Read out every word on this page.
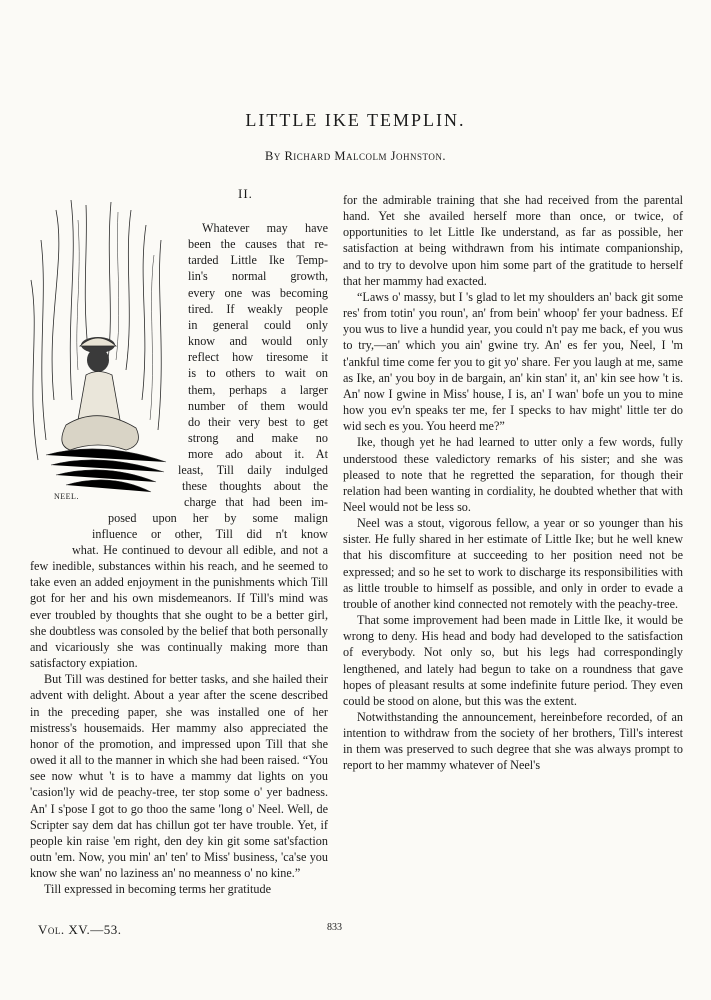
LITTLE IKE TEMPLIN.
By Richard Malcolm Johnston.
II.
NEEL.
Whatever may have
been the causes that re-
tarded Little Ike Temp-
lin's normal growth,
every one was becoming
tired. If weakly people
in general could only
know and would only
reflect how tiresome it
is to others to wait on
them, perhaps a larger
number of them would
do their very best to get
strong and make no
more ado about it. At
least, Till daily indulged
these thoughts about the
charge that had been im-
posed upon her by some malign
influence or other, Till did n't know

what. He continued to devour all edible, and not a few inedible, substances within his reach, and he seemed to take even an added enjoyment in the punishments which Till got for her and his own misdemeanors. If Till's mind was ever troubled by thoughts that she ought to be a better girl, she doubtless was consoled by the belief that both personally and vicariously she was continually making more than satisfactory expiation.

But Till was destined for better tasks, and she hailed their advent with delight. About a year after the scene described in the preceding paper, she was installed one of her mistress's housemaids. Her mammy also appreciated the honor of the promotion, and impressed upon Till that she owed it all to the manner in which she had been raised. “You see now whut 't is to have a mammy dat lights on you 'casion'ly wid de peachy-tree, ter stop some o' yer badness. An' I s'pose I got to go thoo the same 'long o' Neel. Well, de Scripter say dem dat has chillun got ter have trouble. Yet, if people kin raise 'em right, den dey kin git some sat'sfaction outn 'em. Now, you min' an' ten' to Miss' business, 'ca'se you know she wan' no laziness an' no meanness o' no kine.”

Till expressed in becoming terms her gratitude

for the admirable training that she had received from the parental hand. Yet she availed herself more than once, or twice, of opportunities to let Little Ike understand, as far as possible, her satisfaction at being withdrawn from his intimate companionship, and to try to devolve upon him some part of the gratitude to herself that her mammy had exacted.

“Laws o' massy, but I 's glad to let my shoulders an' back git some res' from totin' you roun', an' from bein' whoop' fer your badness. Ef you wus to live a hundid year, you could n't pay me back, ef you wus to try,—an' which you ain' gwine try. An' es fer you, Neel, I 'm t'ankful time come fer you to git yo' share. Fer you laugh at me, same as Ike, an' you boy in de bargain, an' kin stan' it, an' kin see how 't is. An' now I gwine in Miss' house, I is, an' I wan' bofe un you to mine how you ev'n speaks ter me, fer I specks to hav might' little ter do wid sech es you. You heerd me?”

Ike, though yet he had learned to utter only a few words, fully understood these valedictory remarks of his sister; and she was pleased to note that he regretted the separation, for though their relation had been wanting in cordiality, he doubted whether that with Neel would not be less so.

Neel was a stout, vigorous fellow, a year or so younger than his sister. He fully shared in her estimate of Little Ike; but he well knew that his discomfiture at succeeding to her position need not be expressed; and so he set to work to discharge its responsibilities with as little trouble to himself as possible, and only in order to evade a trouble of another kind connected not remotely with the peachy-tree.

That some improvement had been made in Little Ike, it would be wrong to deny. His head and body had developed to the satisfaction of everybody. Not only so, but his legs had correspondingly lengthened, and lately had begun to take on a roundness that gave hopes of pleasant results at some indefinite future period. They even could be stood on alone, but this was the extent.

Notwithstanding the announcement, hereinbefore recorded, of an intention to withdraw from the society of her brothers, Till's interest in them was preserved to such degree that she was always prompt to report to her mammy whatever of Neel's

Vol. XV.—53.	833
